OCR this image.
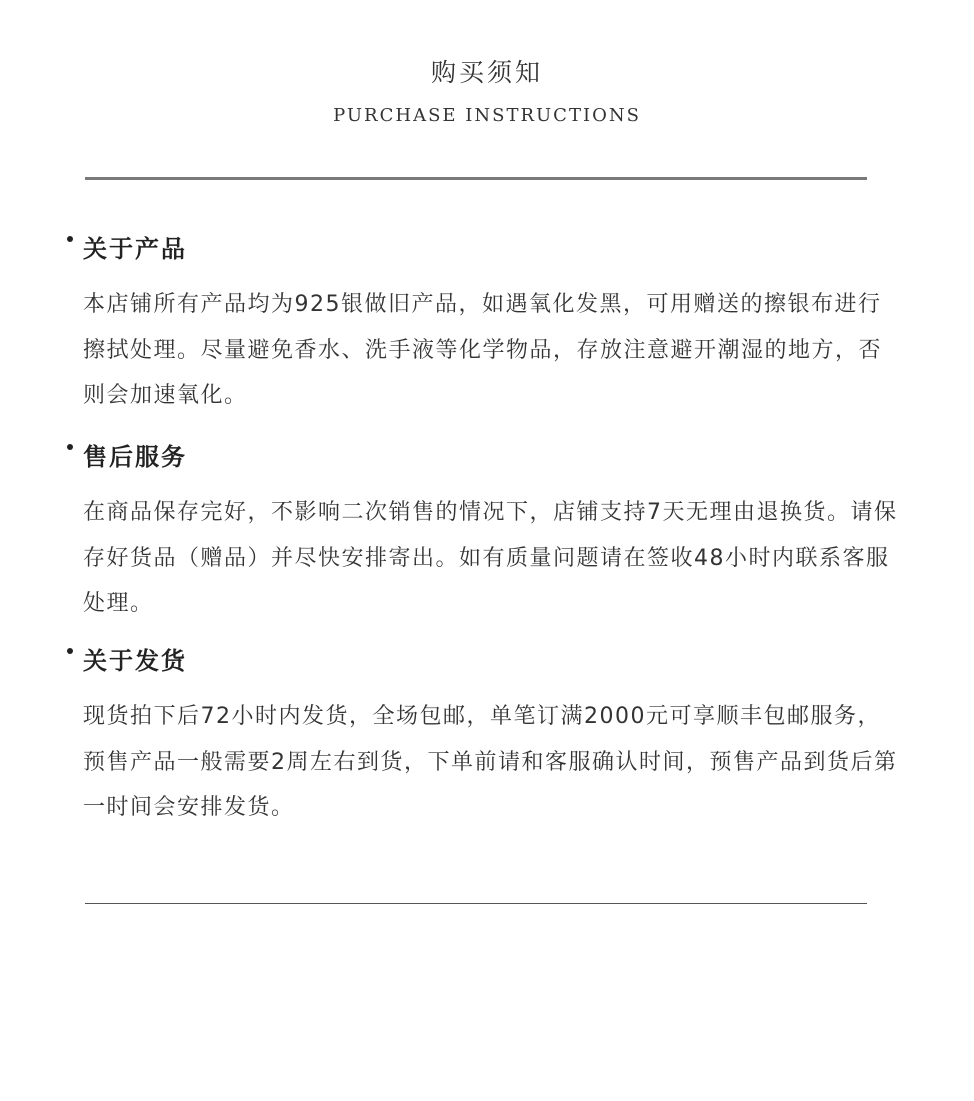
购买须知
PURCHASE INSTRUCTIONS
关于产品
本店铺所有产品均为925银做旧产品，如遇氧化发黑，可用赠送的擦银布进行擦拭处理。尽量避免香水、洗手液等化学物品，存放注意避开潮湿的地方，否则会加速氧化。
售后服务
在商品保存完好，不影响二次销售的情况下，店铺支持7天无理由退换货。请保存好货品（赠品）并尽快安排寄出。如有质量问题请在签收48小时内联系客服处理。
关于发货
现货拍下后72小时内发货，全场包邮，单笔订满2000元可享顺丰包邮服务，预售产品一般需要2周左右到货，下单前请和客服确认时间，预售产品到货后第一时间会安排发货。
